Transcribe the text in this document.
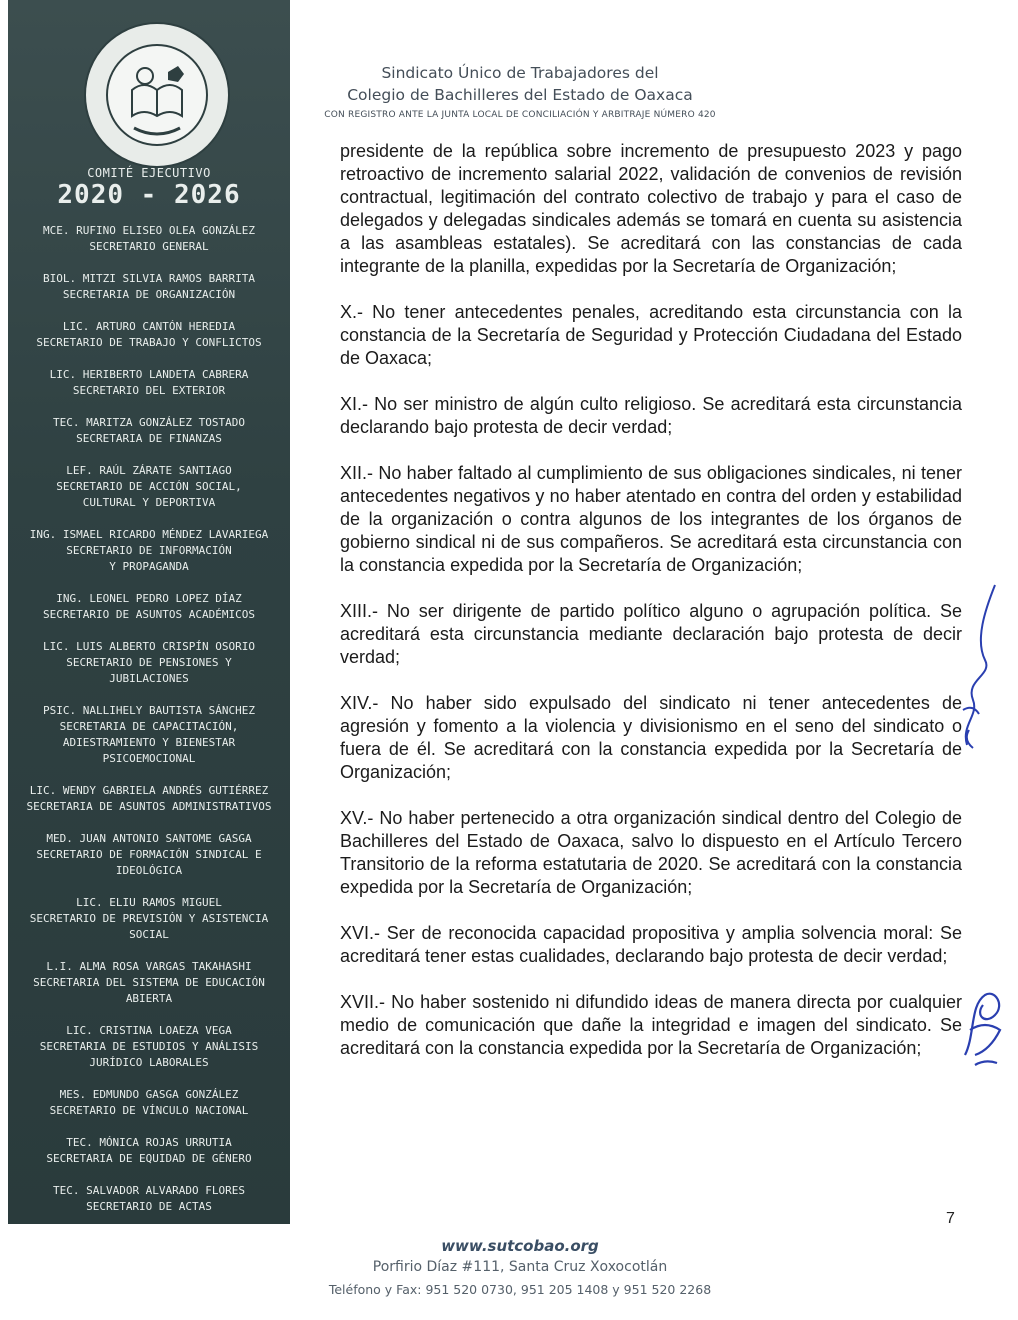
COMITÉ EJECUTIVO
2020 - 2026
MCE. RUFINO ELISEO OLEA GONZÁLEZ
SECRETARIO GENERAL
BIOL. MITZI SILVIA RAMOS BARRITA
SECRETARIA DE ORGANIZACIÓN
LIC. ARTURO CANTÓN HEREDIA
SECRETARIO DE TRABAJO Y CONFLICTOS
LIC. HERIBERTO LANDETA CABRERA
SECRETARIO DEL EXTERIOR
TEC. MARITZA GONZÁLEZ TOSTADO
SECRETARIA DE FINANZAS
LEF. RAÚL ZÁRATE SANTIAGO
SECRETARIO DE ACCIÓN SOCIAL,
CULTURAL Y DEPORTIVA
ING. ISMAEL RICARDO MÉNDEZ LAVARIEGA
SECRETARIO DE INFORMACIÓN
Y PROPAGANDA
ING. LEONEL PEDRO LOPEZ DÍAZ
SECRETARIO DE ASUNTOS ACADÉMICOS
LIC. LUIS ALBERTO CRISPÍN OSORIO
SECRETARIO DE PENSIONES Y
JUBILACIONES
PSIC. NALLIHELY BAUTISTA SÁNCHEZ
SECRETARIA DE CAPACITACIÓN,
ADIESTRAMIENTO Y BIENESTAR
PSICOEMOCIONAL
LIC. WENDY GABRIELA ANDRÉS GUTIÉRREZ
SECRETARIA DE ASUNTOS ADMINISTRATIVOS
MED. JUAN ANTONIO SANTOME GASGA
SECRETARIO DE FORMACIÓN SINDICAL E
IDEOLÓGICA
LIC. ELIU RAMOS MIGUEL
SECRETARIO DE PREVISIÓN Y ASISTENCIA
SOCIAL
L.I. ALMA ROSA VARGAS TAKAHASHI
SECRETARIA DEL SISTEMA DE EDUCACIÓN
ABIERTA
LIC. CRISTINA LOAEZA VEGA
SECRETARIA DE ESTUDIOS Y ANÁLISIS
JURÍDICO LABORALES
MES. EDMUNDO GASGA GONZÁLEZ
SECRETARIO DE VÍNCULO NACIONAL
TEC. MÓNICA ROJAS URRUTIA
SECRETARIA DE EQUIDAD DE GÉNERO
TEC. SALVADOR ALVARADO FLORES
SECRETARIO DE ACTAS
Sindicato Único de Trabajadores del
Colegio de Bachilleres del Estado de Oaxaca
CON REGISTRO ANTE LA JUNTA LOCAL DE CONCILIACIÓN Y ARBITRAJE NÚMERO 420

presidente de la república sobre incremento de presupuesto 2023 y pago retroactivo de incremento salarial 2022, validación de convenios de revisión contractual, legitimación del contrato colectivo de trabajo y para el caso de delegados y delegadas sindicales además se tomará en cuenta su asistencia a las asambleas estatales). Se acreditará con las constancias de cada integrante de la planilla, expedidas por la Secretaría de Organización;

X.- No tener antecedentes penales, acreditando esta circunstancia con la constancia de la Secretaría de Seguridad y Protección Ciudadana del Estado de Oaxaca;

XI.- No ser ministro de algún culto religioso. Se acreditará esta circunstancia declarando bajo protesta de decir verdad;

XII.- No haber faltado al cumplimiento de sus obligaciones sindicales, ni tener antecedentes negativos y no haber atentado en contra del orden y estabilidad de la organización o contra algunos de los integrantes de los órganos de gobierno sindical ni de sus compañeros. Se acreditará esta circunstancia con la constancia expedida por la Secretaría de Organización;

XIII.- No ser dirigente de partido político alguno o agrupación política. Se acreditará esta circunstancia mediante declaración bajo protesta de decir verdad;

XIV.- No haber sido expulsado del sindicato ni tener antecedentes de agresión y fomento a la violencia y divisionismo en el seno del sindicato o fuera de él. Se acreditará con la constancia expedida por la Secretaría de Organización;

XV.- No haber pertenecido a otra organización sindical dentro del Colegio de Bachilleres del Estado de Oaxaca, salvo lo dispuesto en el Artículo Tercero Transitorio de la reforma estatutaria de 2020. Se acreditará con la constancia expedida por la Secretaría de Organización;

XVI.- Ser de reconocida capacidad propositiva y amplia solvencia moral: Se acreditará tener estas cualidades, declarando bajo protesta de decir verdad;

XVII.- No haber sostenido ni difundido ideas de manera directa por cualquier medio de comunicación que dañe la integridad e imagen del sindicato. Se acreditará con la constancia expedida por la Secretaría de Organización;

7
www.sutcobao.org
Porfirio Díaz #111, Santa Cruz Xoxocotlán
Teléfono y Fax: 951 520 0730, 951 205 1408 y 951 520 2268
